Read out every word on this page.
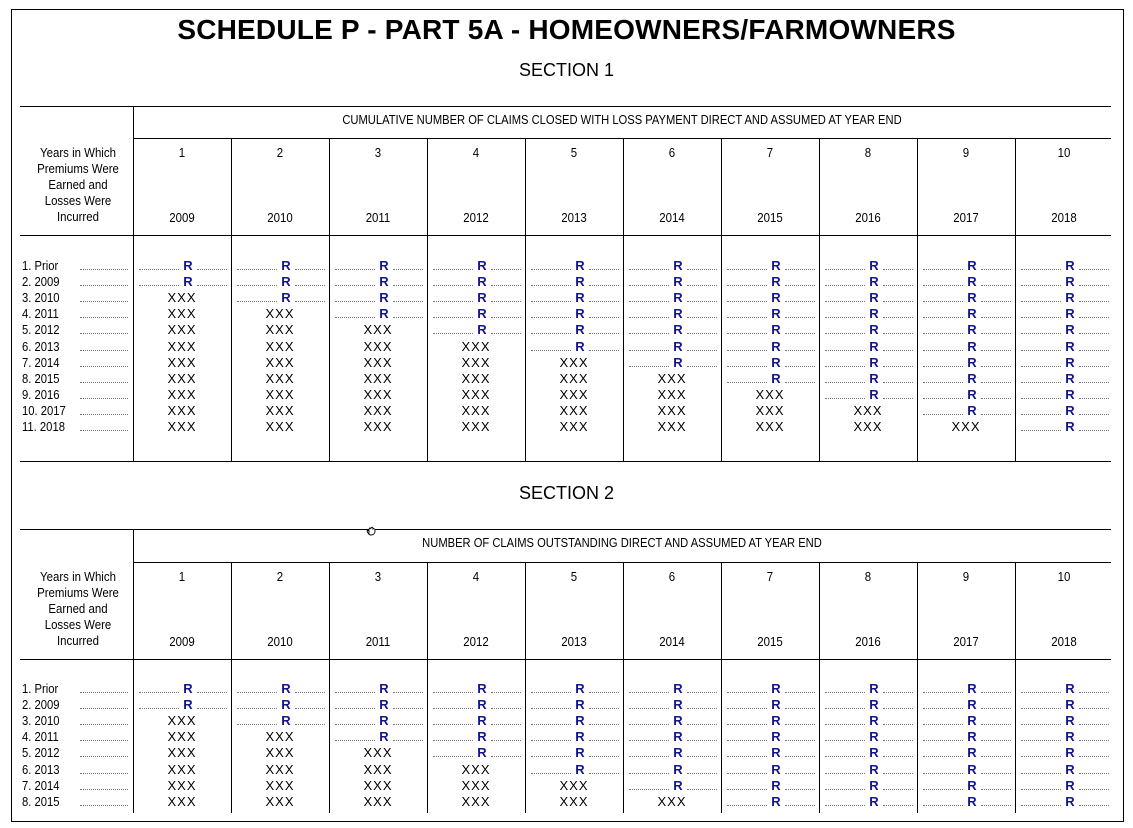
SCHEDULE P - PART 5A - HOMEOWNERS/FARMOWNERS
SECTION 1
SECTION 2
CUMULATIVE NUMBER OF CLAIMS CLOSED WITH LOSS PAYMENT DIRECT AND ASSUMED AT YEAR END
Years in Which
Premiums Were
Earned and
Losses Were
Incurred
1
2009
2
2010
3
2011
4
2012
5
2013
6
2014
7
2015
8
2016
9
2017
10
2018
1. Prior	R	R	R	R	R	R	R	R	R	R
2. 2009	R	R	R	R	R	R	R	R	R	R
3. 2010	XXX	R	R	R	R	R	R	R	R	R
4. 2011	XXX	XXX	R	R	R	R	R	R	R	R
5. 2012	XXX	XXX	XXX	R	R	R	R	R	R	R
6. 2013	XXX	XXX	XXX	XXX	R	R	R	R	R	R
7. 2014	XXX	XXX	XXX	XXX	XXX	R	R	R	R	R
8. 2015	XXX	XXX	XXX	XXX	XXX	XXX	R	R	R	R
9. 2016	XXX	XXX	XXX	XXX	XXX	XXX	XXX	R	R	R
10. 2017	XXX	XXX	XXX	XXX	XXX	XXX	XXX	XXX	R	R
11. 2018	XXX	XXX	XXX	XXX	XXX	XXX	XXX	XXX	XXX	R
NUMBER OF CLAIMS OUTSTANDING DIRECT AND ASSUMED AT YEAR END
Years in Which
Premiums Were
Earned and
Losses Were
Incurred
1
2009
2
2010
3
2011
4
2012
5
2013
6
2014
7
2015
8
2016
9
2017
10
2018
1. Prior	R	R	R	R	R	R	R	R	R	R
2. 2009	R	R	R	R	R	R	R	R	R	R
3. 2010	XXX	R	R	R	R	R	R	R	R	R
4. 2011	XXX	XXX	R	R	R	R	R	R	R	R
5. 2012	XXX	XXX	XXX	R	R	R	R	R	R	R
6. 2013	XXX	XXX	XXX	XXX	R	R	R	R	R	R
7. 2014	XXX	XXX	XXX	XXX	XXX	R	R	R	R	R
8. 2015	XXX	XXX	XXX	XXX	XXX	XXX	R	R	R	R
